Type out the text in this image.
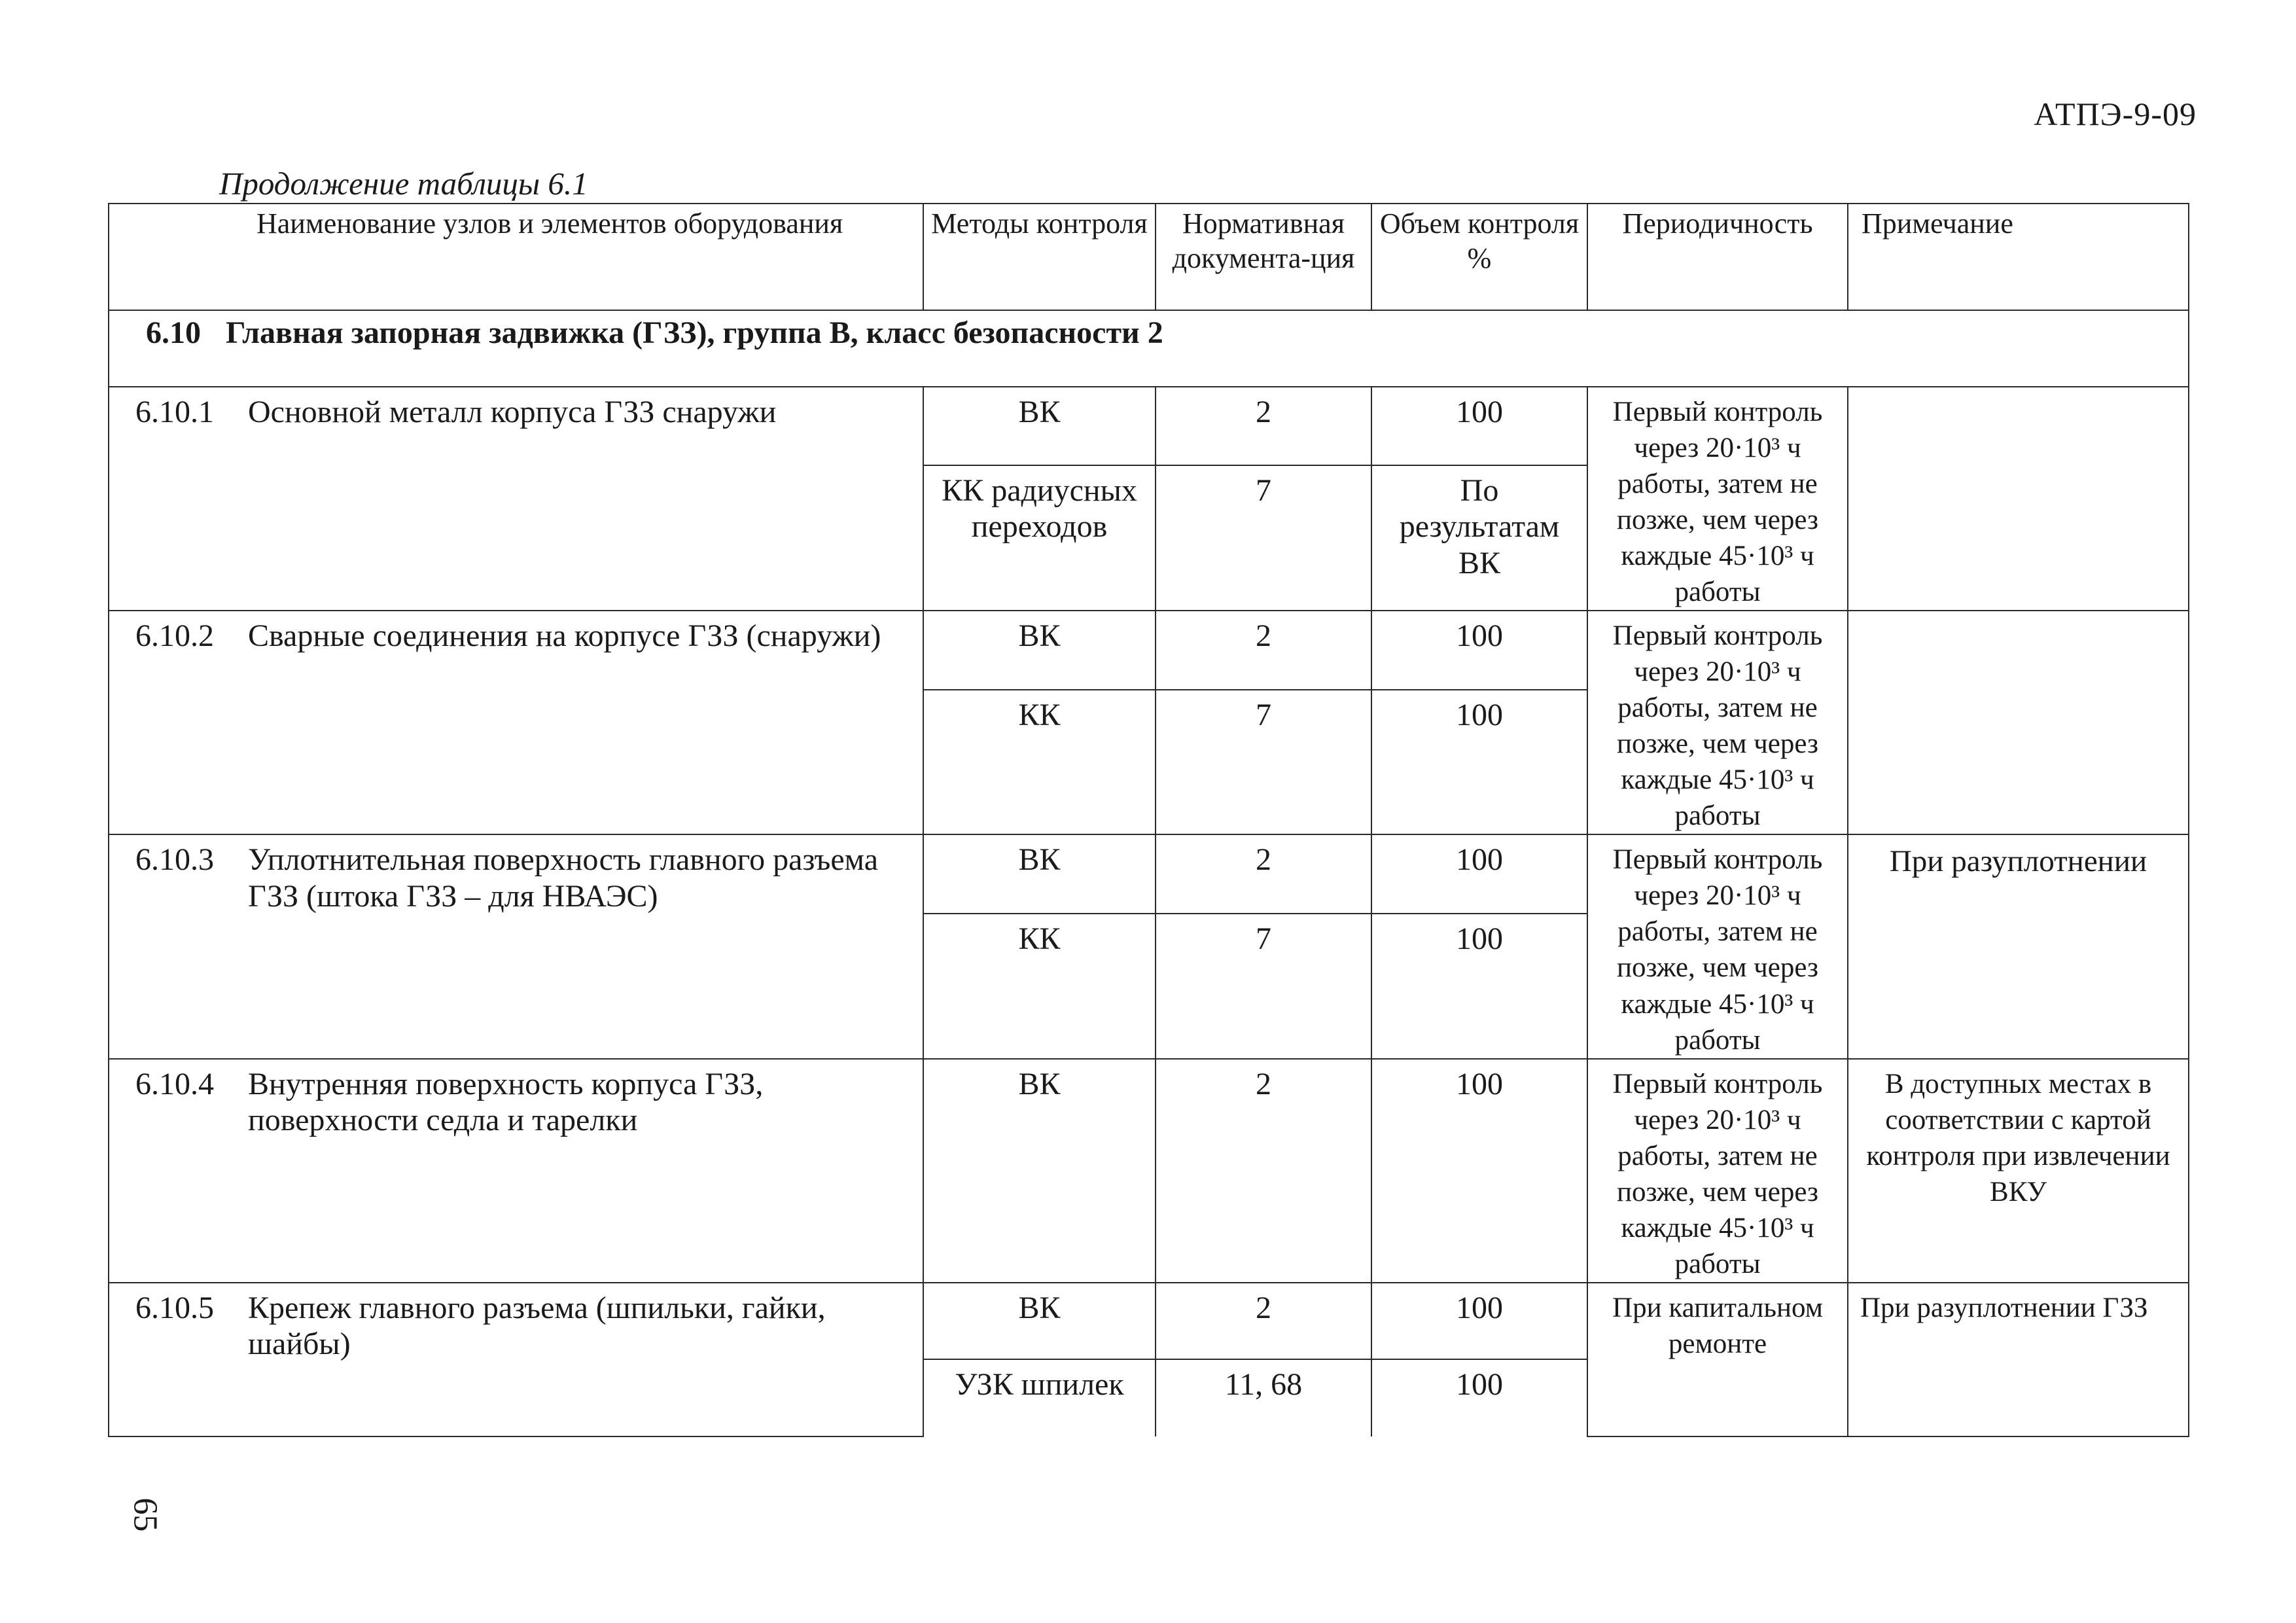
АТПЭ-9-09
Продолжение таблицы 6.1
Наименование узлов и элементов оборудования		Методы контроля	Нормативная документа-ция	Объем контроля %	Периодичность	Примечание
6.10 Главная запорная задвижка (ГЗЗ), группа В, класс безопасности 2						
6.10.1	Основной металл корпуса ГЗЗ снаружи	ВК	2	100	Первый контроль через 20·10³ ч работы, затем не позже, чем через каждые 45·10³ ч работы	
		КК радиусных переходов	7	По результатам ВК		
6.10.2	Сварные соединения на корпусе ГЗЗ (снаружи)	ВК	2	100	Первый контроль через 20·10³ ч работы, затем не позже, чем через каждые 45·10³ ч работы	
		КК	7	100		
6.10.3	Уплотнительная поверхность главного разъема ГЗЗ (штока ГЗЗ – для НВАЭС)	ВК	2	100	Первый контроль через 20·10³ ч работы, затем не позже, чем через каждые 45·10³ ч работы	При разуплотнении
		КК	7	100		
6.10.4	Внутренняя поверхность корпуса ГЗЗ, поверхности седла и тарелки	ВК	2	100	Первый контроль через 20·10³ ч работы, затем не позже, чем через каждые 45·10³ ч работы	В доступных местах в соответствии с картой контроля при извлечении ВКУ
6.10.5	Крепеж главного разъема (шпильки, гайки, шайбы)	ВК	2	100	При капитальном ремонте	При разуплотнении ГЗЗ
		УЗК шпилек	11, 68	100		
65
